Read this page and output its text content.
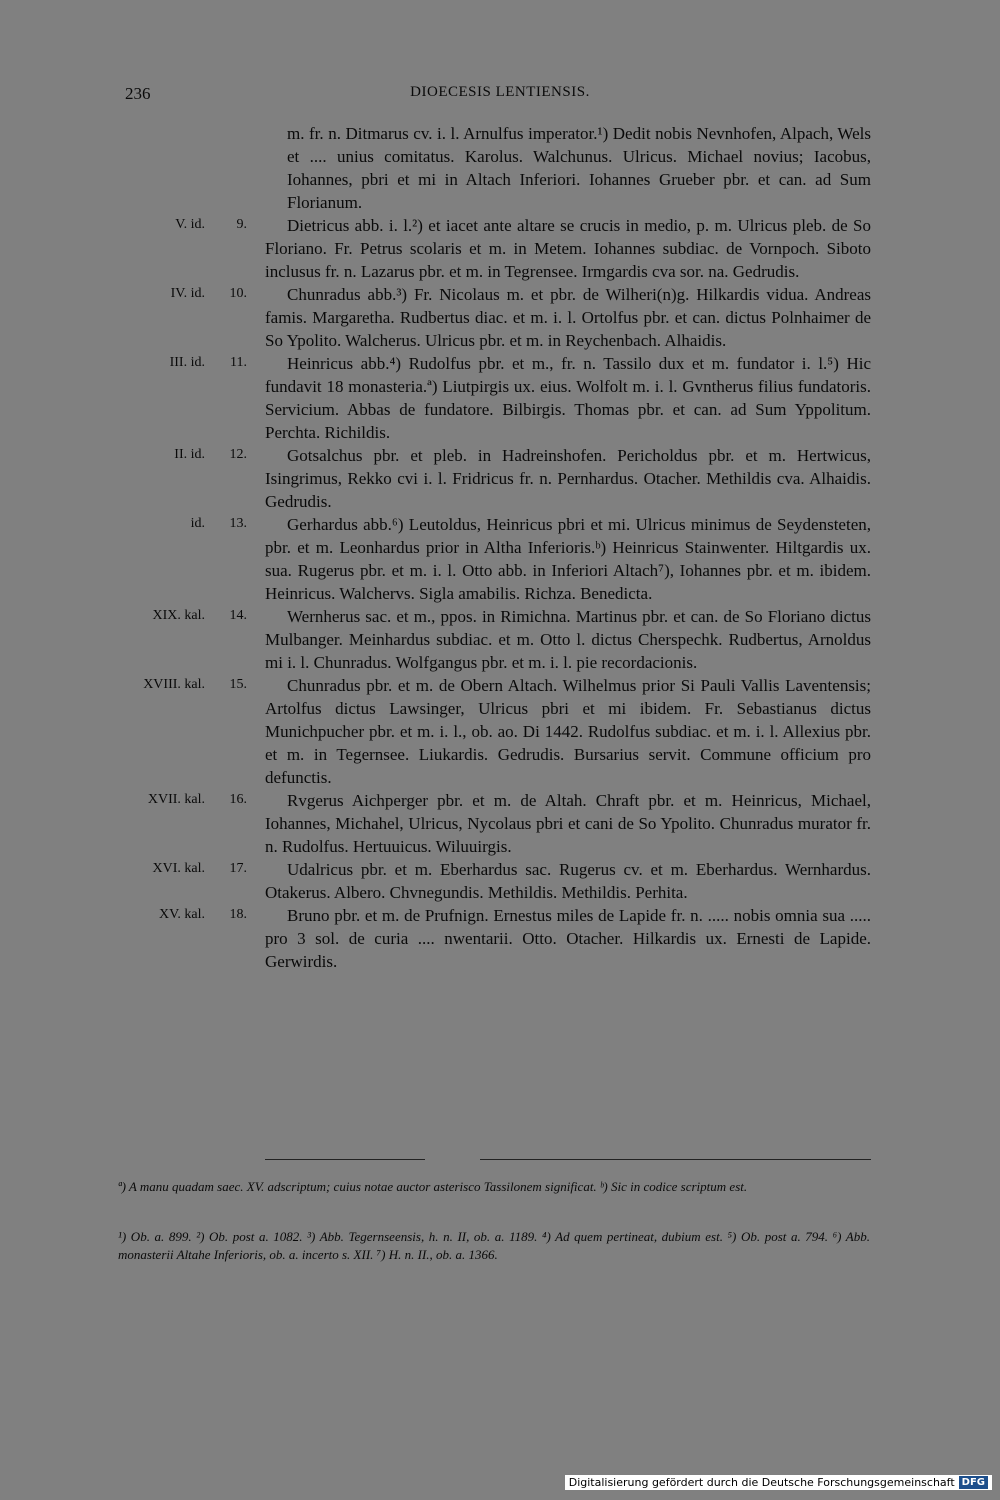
236	DIOECESIS LENTIENSIS.
m. fr. n. Ditmarus cv. i. l. Arnulfus imperator.¹) Dedit nobis Nevnhofen, Alpach, Wels et .... unius comitatus. Karolus. Walchunus. Ulricus. Michael novius; Iacobus, Iohannes, pbri et mi in Altach Inferiori. Iohannes Grueber pbr. et can. ad Sum Florianum.
V. id.	9.	Dietricus abb. i. l.²) et iacet ante altare se crucis in medio, p. m. Ulricus pleb. de So Floriano. Fr. Petrus scolaris et m. in Metem. Iohannes subdiac. de Vornpoch. Siboto inclusus fr. n. Lazarus pbr. et m. in Tegrensee. Irmgardis cva sor. na. Gedrudis.
IV. id.	10.	Chunradus abb.³) Fr. Nicolaus m. et pbr. de Wilheri(n)g. Hilkardis vidua. Andreas famis. Margaretha. Rudbertus diac. et m. i. l. Ortolfus pbr. et can. dictus Polnhaimer de So Ypolito. Walcherus. Ulricus pbr. et m. in Reychenbach. Alhaidis.
III. id.	11.	Heinricus abb.⁴) Rudolfus pbr. et m., fr. n. Tassilo dux et m. fundator i. l.⁵) Hic fundavit 18 monasteria.ª) Liutpirgis ux. eius. Wolfolt m. i. l. Gvntherus filius fundatoris. Servicium. Abbas de fundatore. Bilbirgis. Thomas pbr. et can. ad Sum Yppolitum. Perchta. Richildis.
II. id.	12.	Gotsalchus pbr. et pleb. in Hadreinshofen. Pericholdus pbr. et m. Hertwicus, Isingrimus, Rekko cvi i. l. Fridricus fr. n. Pernhardus. Otacher. Methildis cva. Alhaidis. Gedrudis.
id.	13.	Gerhardus abb.⁶) Leutoldus, Heinricus pbri et mi. Ulricus minimus de Seydensteten, pbr. et m. Leonhardus prior in Altha Inferioris.ᵇ) Heinricus Stainwenter. Hiltgardis ux. sua. Rugerus pbr. et m. i. l. Otto abb. in Inferiori Altach⁷), Iohannes pbr. et m. ibidem. Heinricus. Walchervs. Sigla amabilis. Richza. Benedicta.
XIX. kal.	14.	Wernherus sac. et m., ppos. in Rimichna. Martinus pbr. et can. de So Floriano dictus Mulbanger. Meinhardus subdiac. et m. Otto l. dictus Cherspechk. Rudbertus, Arnoldus mi i. l. Chunradus. Wolfgangus pbr. et m. i. l. pie recordacionis.
XVIII. kal.	15.	Chunradus pbr. et m. de Obern Altach. Wilhelmus prior Si Pauli Vallis Laventensis; Artolfus dictus Lawsinger, Ulricus pbri et mi ibidem. Fr. Sebastianus dictus Munichpucher pbr. et m. i. l., ob. ao. Di 1442. Rudolfus subdiac. et m. i. l. Allexius pbr. et m. in Tegernsee. Liukardis. Gedrudis. Bursarius servit. Commune officium pro defunctis.
XVII. kal.	16.	Rvgerus Aichperger pbr. et m. de Altah. Chraft pbr. et m. Heinricus, Michael, Iohannes, Michahel, Ulricus, Nycolaus pbri et cani de So Ypolito. Chunradus murator fr. n. Rudolfus. Hertuuicus. Wiluuirgis.
XVI. kal.	17.	Udalricus pbr. et m. Eberhardus sac. Rugerus cv. et m. Eberhardus. Wernhardus. Otakerus. Albero. Chvnegundis. Methildis. Methildis. Perhita.
XV. kal.	18.	Bruno pbr. et m. de Prufnign. Ernestus miles de Lapide fr. n. ..... nobis omnia sua ..... pro 3 sol. de curia .... nwentarii. Otto. Otacher. Hilkardis ux. Ernesti de Lapide. Gerwirdis.
ª) A manu quadam saec. XV. adscriptum; cuius notae auctor asterisco Tassilonem significat. ᵇ) Sic in codice scriptum est.
¹) Ob. a. 899. ²) Ob. post a. 1082. ³) Abb. Tegernseensis, h. n. II, ob. a. 1189. ⁴) Ad quem pertineat, dubium est. ⁵) Ob. post a. 794. ⁶) Abb. monasterii Altahe Inferioris, ob. a. incerto s. XII. ⁷) H. n. II., ob. a. 1366.
Digitalisierung gefördert durch die Deutsche Forschungsgemeinschaft DFG
